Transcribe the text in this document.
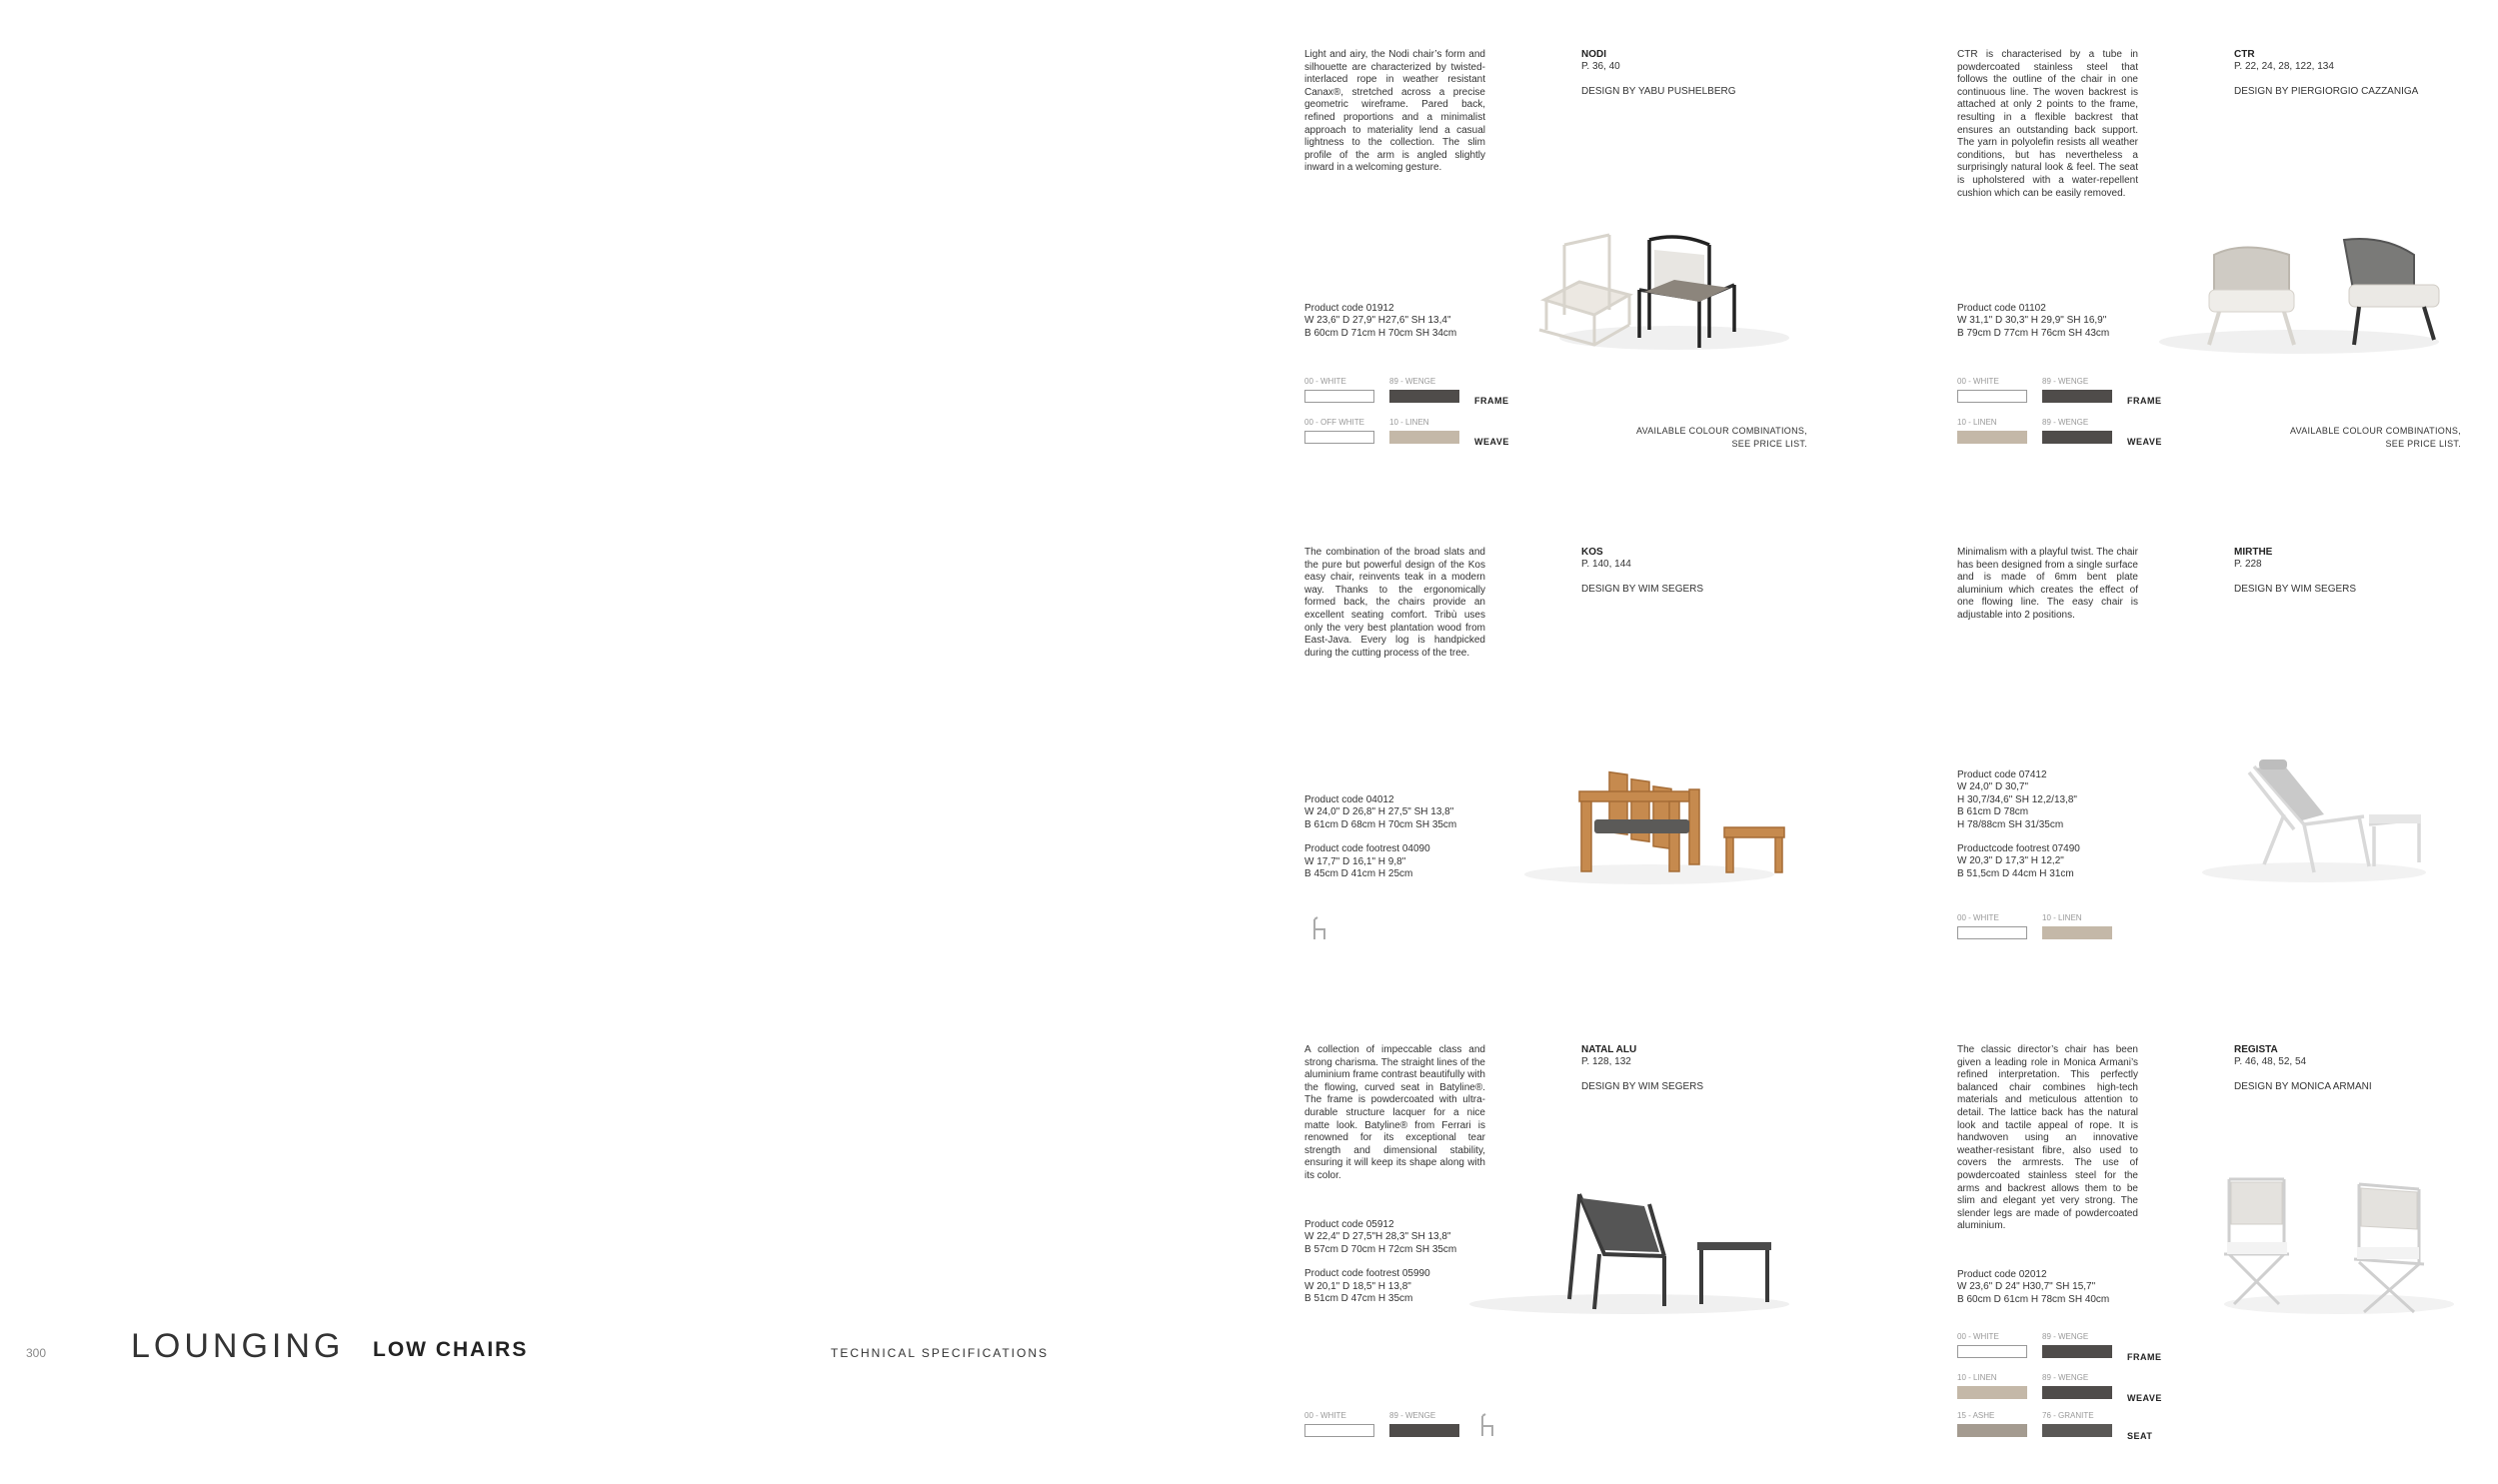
300 LOUNGING LOW CHAIRS	TECHNICAL SPECIFICATIONS
Light and airy, the Nodi chair’s form and silhouette are characterized by twisted-interlaced rope in weather resistant Canax®, stretched across a precise geometric wireframe. Pared back, refined proportions and a minimalist approach to materiality lend a casual lightness to the collection. The slim profile of the arm is angled slightly inward in a welcoming gesture.
NODI
P. 36, 40
DESIGN BY YABU PUSHELBERG

Product code 01912

W 23,6" D 27,9" H27,6" SH 13,4"

B 60cm D 71cm H 70cm SH 34cm

00 - WHITE	89 - WENGE
FRAME
00 - OFF WHITE	10 - LINEN
WEAVE
AVAILABLE COLOUR COMBINATIONS,
SEE PRICE LIST.
CTR is characterised by a tube in powdercoated stainless steel that follows the outline of the chair in one continuous line. The woven backrest is attached at only 2 points to the frame, resulting in a flexible backrest that ensures an outstanding back support. The yarn in polyolefin resists all weather conditions, but has nevertheless a surprisingly natural look & feel. The seat is upholstered with a water-repellent cushion which can be easily removed.
CTR
P. 22, 24, 28, 122, 134
DESIGN BY PIERGIORGIO CAZZANIGA

Product code 01102

W 31,1" D 30,3" H 29,9" SH 16,9"

B 79cm D 77cm H 76cm SH 43cm

00 - WHITE	89 - WENGE
FRAME
10 - LINEN	89 - WENGE
WEAVE
AVAILABLE COLOUR COMBINATIONS,
SEE PRICE LIST.
The combination of the broad slats and the pure but powerful design of the Kos easy chair, reinvents teak in a modern way. Thanks to the ergonomically formed back, the chairs provide an excellent seating comfort. Tribù uses only the very best plantation wood from East-Java. Every log is handpicked during the cutting process of the tree.
KOS
P. 140, 144
DESIGN BY WIM SEGERS

Product code 04012

W 24,0" D 26,8" H 27,5" SH 13,8"

B 61cm D 68cm H 70cm SH 35cm

Product code footrest 04090

W 17,7" D 16,1" H 9,8"

B 45cm D 41cm H 25cm

Minimalism with a playful twist. The chair has been designed from a single surface and is made of 6mm bent plate aluminium which creates the effect of one flowing line. The easy chair is adjustable into 2 positions.
MIRTHE
P. 228
DESIGN BY WIM SEGERS

Product code 07412

W 24,0" D 30,7"

H 30,7/34,6" SH 12,2/13,8"

B 61cm D 78cm

H 78/88cm SH 31/35cm

Productcode footrest 07490

W 20,3" D 17,3" H 12,2"

B 51,5cm D 44cm H 31cm

00 - WHITE	10 - LINEN
A collection of impeccable class and strong charisma. The straight lines of the aluminium frame contrast beautifully with the flowing, curved seat in Batyline®. The frame is powdercoated with ultra-durable structure lacquer for a nice matte look. Batyline® from Ferrari is renowned for its exceptional tear strength and dimensional stability, ensuring it will keep its shape along with its color.
NATAL ALU
P. 128, 132
DESIGN BY WIM SEGERS

Product code 05912

W 22,4" D 27,5"H 28,3" SH 13,8"

B 57cm D 70cm H 72cm SH 35cm

Product code footrest 05990

W 20,1" D 18,5" H 13,8"

B 51cm D 47cm H 35cm

00 - WHITE	89 - WENGE
The classic director’s chair has been given a leading role in Monica Armani’s refined interpretation. This perfectly balanced chair combines high-tech materials and meticulous attention to detail. The lattice back has the natural look and tactile appeal of rope. It is handwoven using an innovative weather-resistant fibre, also used to covers the armrests. The use of powdercoated stainless steel for the arms and backrest allows them to be slim and elegant yet very strong. The slender legs are made of powdercoated aluminium.
REGISTA
P. 46, 48, 52, 54
DESIGN BY MONICA ARMANI

Product code 02012

W 23,6" D 24" H30,7" SH 15,7"

B 60cm D 61cm H 78cm SH 40cm

00 - WHITE	89 - WENGE
FRAME
10 - LINEN	89 - WENGE
WEAVE
15 - ASHE	76 - GRANITE
SEAT
